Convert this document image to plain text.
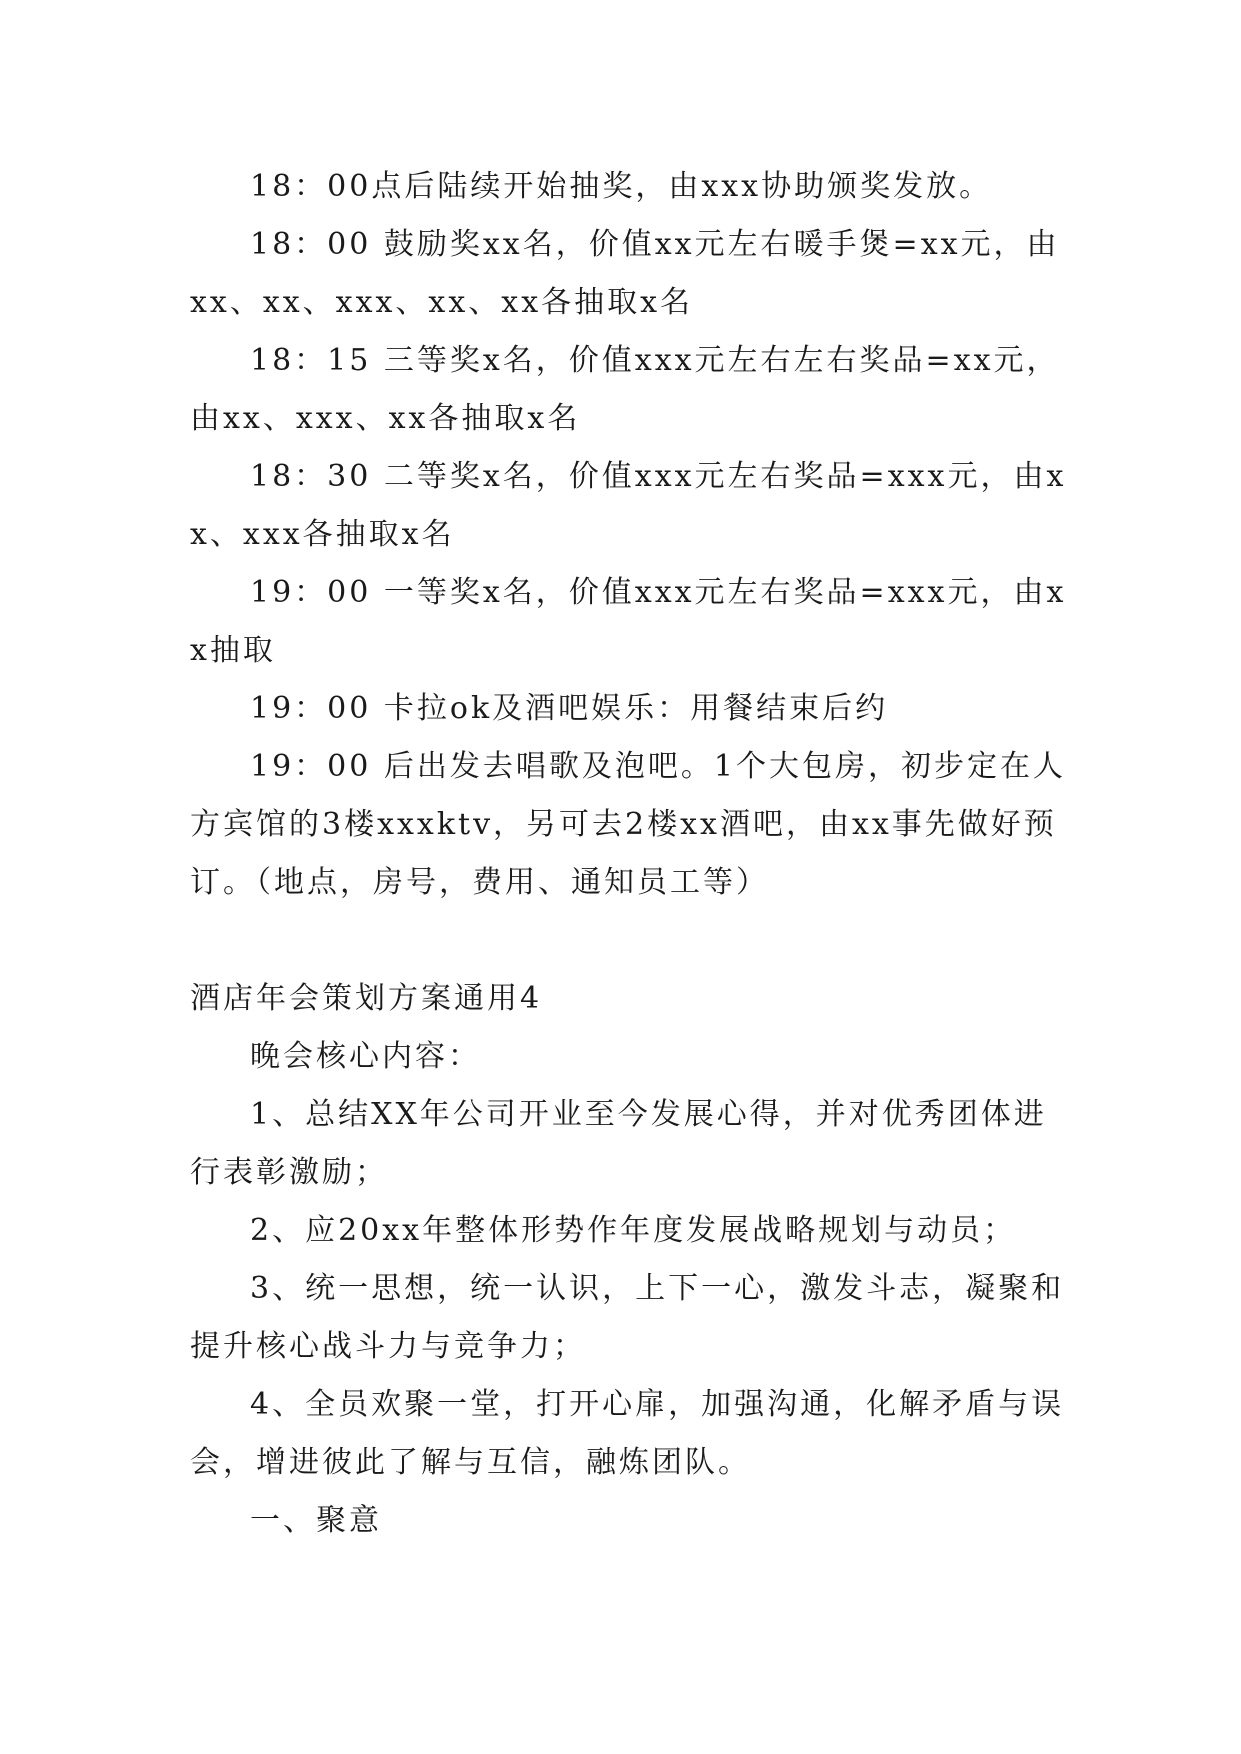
18：00点后陆续开始抽奖，由xxx协助颁奖发放。

18：00 鼓励奖xx名，价值xx元左右暖手煲=xx元，由xx、xx、xxx、xx、xx各抽取x名

18：15 三等奖x名，价值xxx元左右左右奖品=xx元，由xx、xxx、xx各抽取x名

18：30 二等奖x名，价值xxx元左右奖品=xxx元，由xx、xxx各抽取x名

19：00 一等奖x名，价值xxx元左右奖品=xxx元，由xx抽取

19：00 卡拉ok及酒吧娱乐：用餐结束后约

19：00 后出发去唱歌及泡吧。1个大包房，初步定在人方宾馆的3楼xxxktv，另可去2楼xx酒吧，由xx事先做好预订。（地点，房号，费用、通知员工等）

酒店年会策划方案通用4

晚会核心内容：

1、总结XX年公司开业至今发展心得，并对优秀团体进行表彰激励；

2、应20xx年整体形势作年度发展战略规划与动员；

3、统一思想，统一认识，上下一心，激发斗志，凝聚和提升核心战斗力与竞争力；

4、全员欢聚一堂，打开心扉，加强沟通，化解矛盾与误会，增进彼此了解与互信，融炼团队。

一、聚意
